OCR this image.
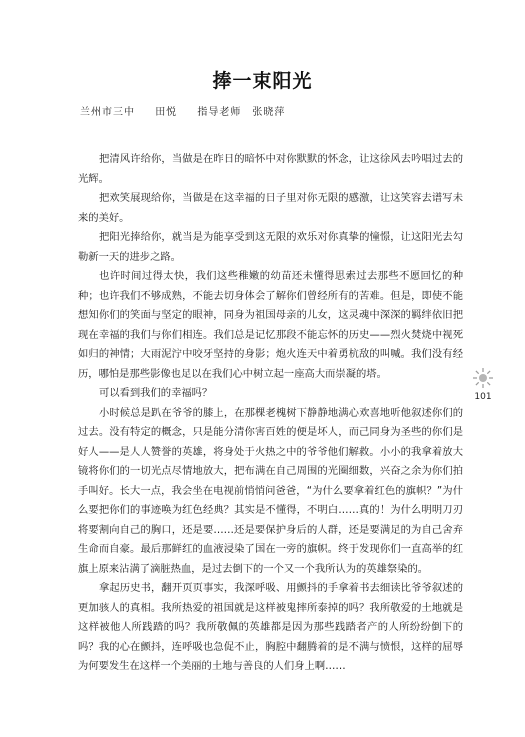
捧一束阳光
兰州市三中 田悦 指导老师　张晓萍

把清风许给你，当做是在昨日的暗怀中对你默默的怀念，让这徐风去吟唱过去的光辉。

把欢笑展现给你，当做是在这幸福的日子里对你无限的感激，让这笑容去谱写未来的美好。

把阳光捧给你，就当是为能享受到这无限的欢乐对你真挚的憧憬，让这阳光去勾勒新一天的进步之路。

也许时间过得太快，我们这些稚嫩的幼苗还未懂得思索过去那些不愿回忆的种种；也许我们不够成熟，不能去切身体会了解你们曾经所有的苦难。但是，即使不能想知你们的笑面与坚定的眼神，同身为祖国母亲的儿女，这灵魂中深深的羁绊依旧把现在幸福的我们与你们相连。我们总是记忆那段不能忘怀的历史——烈火焚烧中视死如归的神情；大雨泥泞中咬牙坚持的身影；炮火连天中着勇杭敌的叫喊。我们没有经历，哪怕是那些影像也足以在我们心中树立起一座高大而崇凝的塔。

可以看到我们的幸福吗？

小时候总是趴在爷爷的膝上，在那棵老槐树下静静地满心欢喜地听他叙述你们的过去。没有特定的概念，只是能分清你害百姓的便是坏人，而己同身为圣些的你们是好人——是人人赞誉的英雄，将身处于火热之中的爷爷他们解救。小小的我拿着放大镜将你们的一切光点尽情地放大，把布满在自己周围的光圈细数，兴奋之余为你们拍手叫好。长大一点，我会坐在电视前悄悄问爸爸，“为什么要拿着红色的旗帜？”为什么要把你们的事迹唤为红色经典？其实是不懂得，不明白……真的！为什么明明刀刃将要割向自己的胸口，还是要……还是要保护身后的人群，还是要满足的为自己舍弃生命而自豪。最后那鲜红的血液浸染了国在一旁的旗帜。终于发现你们一直高举的红旗上原来沾满了滴脏热血，是过去倒下的一个又一个我所认为的英雄祭染的。

拿起历史书，翻开页页事实，我深呼吸、用颤抖的手拿着书去细读比爷爷叙述的更加骇人的真相。我所热爱的祖国就是这样被鬼摔所泰掉的吗？我所敬爱的土地就是这样被他人所践踏的吗？我所敬佩的英雄都是因为那些践踏者产的人所纷纷倒下的吗？我的心在颤抖，连呼吸也急促不止，胸腔中翻腾着的是不满与愤恨，这样的屈辱为何要发生在这样一个美丽的土地与善良的人们身上啊……

101
